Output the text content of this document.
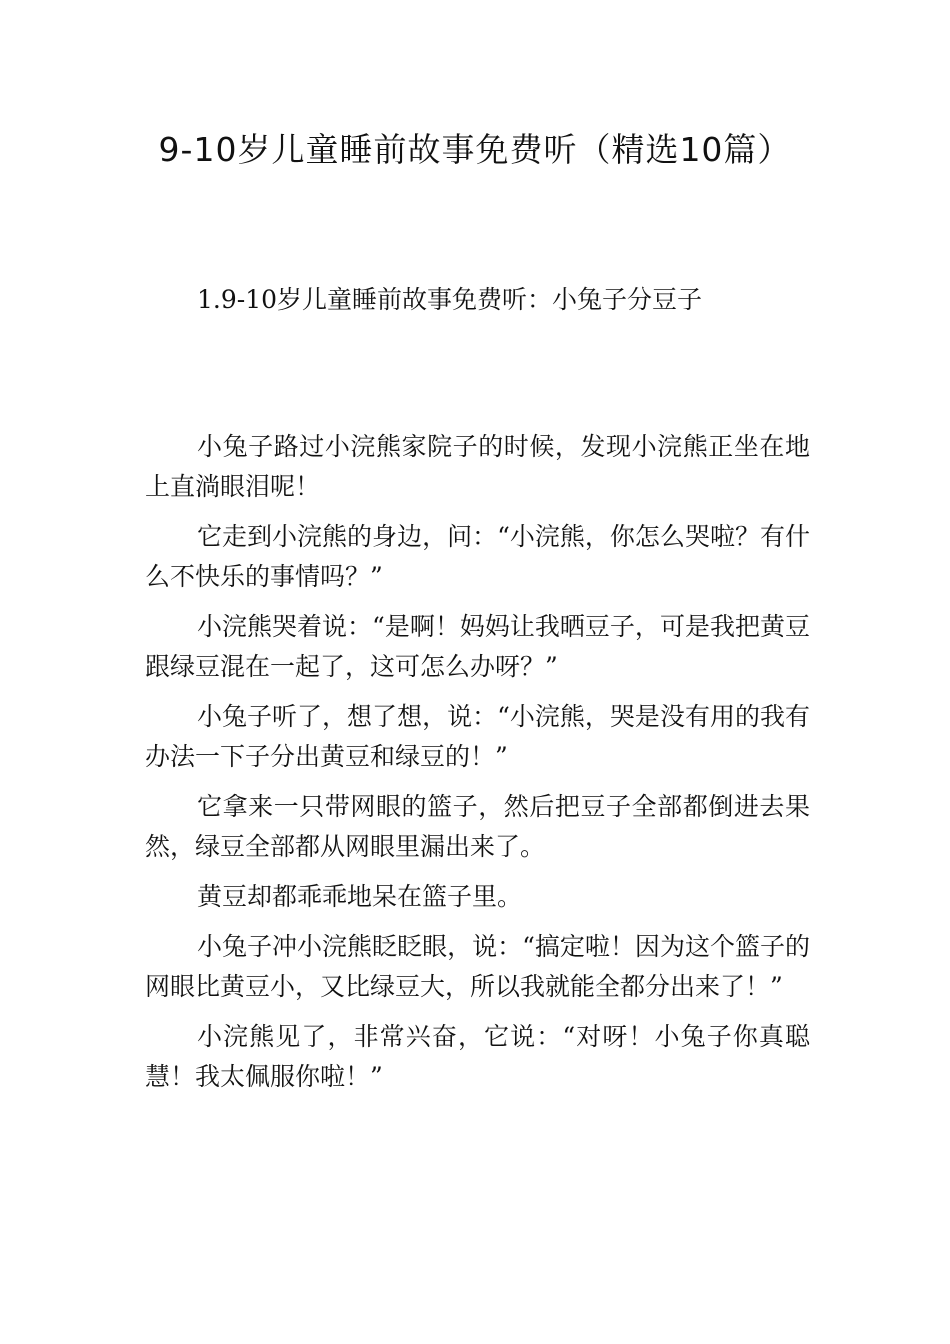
9-10岁儿童睡前故事免费听（精选10篇）
1.9-10岁儿童睡前故事免费听：小兔子分豆子

小兔子路过小浣熊家院子的时候，发现小浣熊正坐在地上直淌眼泪呢！

它走到小浣熊的身边，问：“小浣熊，你怎么哭啦？有什么不快乐的事情吗？”

小浣熊哭着说：“是啊！妈妈让我晒豆子，可是我把黄豆跟绿豆混在一起了，这可怎么办呀？”

小兔子听了，想了想，说：“小浣熊，哭是没有用的我有办法一下子分出黄豆和绿豆的！”

它拿来一只带网眼的篮子，然后把豆子全部都倒进去果然，绿豆全部都从网眼里漏出来了。

黄豆却都乖乖地呆在篮子里。

小兔子冲小浣熊眨眨眼，说：“搞定啦！因为这个篮子的网眼比黄豆小，又比绿豆大，所以我就能全都分出来了！”

小浣熊见了，非常兴奋，它说：“对呀！小兔子你真聪慧！我太佩服你啦！”
